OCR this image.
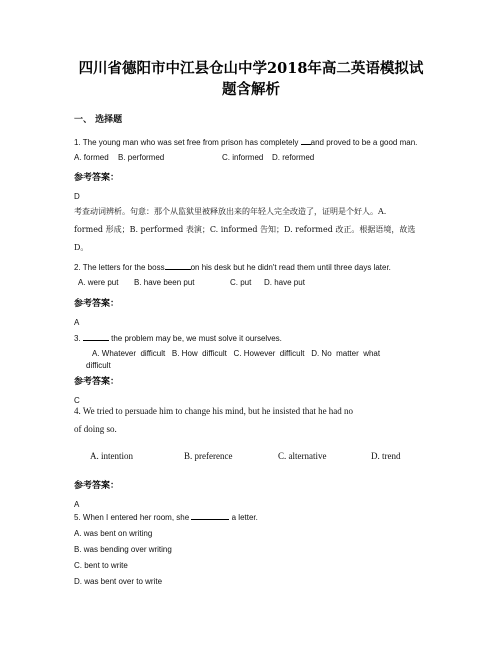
四川省德阳市中江县仓山中学2018年高二英语模拟试
题含解析
一、 选择题
1. The young man who was set free from prison has completely and proved to be a good man.
A. formed B. performed	C. informed D. reformed
参考答案：
D
考查动词辨析。句意：那个从监狱里被释放出来的年轻人完全改造了，证明是个好人。A.
formed 形成；B. performed 表演；C. informed 告知；D. reformed 改正。根据语境，故选
D。
2. The letters for the boss	on his desk but he didn't read them until three days later.
A. were put B. have been put	C. put D. have put
参考答案：
A
3.	the problem may be, we must solve it ourselves.
A. Whatever  difficult   B. How  difficult   C. However  difficult   D. No  matter  what
difficult
参考答案：
C
4. We tried to persuade him to change his mind, but he insisted that he had no
of doing so.
A. intention	B. preference	C. alternative	D. trend
参考答案：
A
5. When I entered her room, she	a letter.
A. was bent on writing
B. was bending over writing
C. bent to write
D. was bent over to write
